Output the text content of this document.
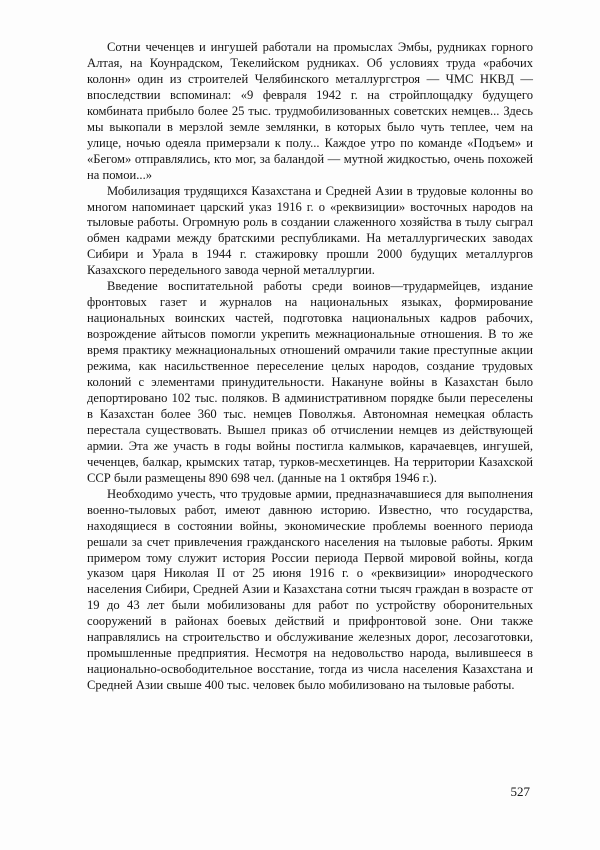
Сотни чеченцев и ингушей работали на промыслах Эмбы, рудниках горного Алтая, на Коунрадском, Текелийском рудниках. Об условиях труда «рабочих колонн» один из строителей Челябинского металлургстроя — ЧМС НКВД — впоследствии вспоминал: «9 февраля 1942 г. на стройплощадку будущего комбината прибыло более 25 тыс. трудмобилизованных советских немцев... Здесь мы выкопали в мерзлой земле землянки, в которых было чуть теплее, чем на улице, ночью одеяла примерзали к полу... Каждое утро по команде «Подъем» и «Бегом» отправлялись, кто мог, за баландой — мутной жидкостью, очень похожей на помои...»

Мобилизация трудящихся Казахстана и Средней Азии в трудовые колонны во многом напоминает царский указ 1916 г. о «реквизиции» восточных народов на тыловые работы. Огромную роль в создании слаженного хозяйства в тылу сыграл обмен кадрами между братскими республиками. На металлургических заводах Сибири и Урала в 1944 г. стажировку прошли 2000 будущих металлургов Казахского передельного завода черной металлургии.

Введение воспитательной работы среди воинов—трудармейцев, издание фронтовых газет и журналов на национальных языках, формирование национальных воинских частей, подготовка национальных кадров рабочих, возрождение айтысов помогли укрепить межнациональные отношения. В то же время практику межнациональных отношений омрачили такие преступные акции режима, как насильственное переселение целых народов, создание трудовых колоний с элементами принудительности. Накануне войны в Казахстан было депортировано 102 тыс. поляков. В административном порядке были переселены в Казахстан более 360 тыс. немцев Поволжья. Автономная немецкая область перестала существовать. Вышел приказ об отчислении немцев из действующей армии. Эта же участь в годы войны постигла калмыков, карачаевцев, ингушей, чеченцев, балкар, крымских татар, турков-месхетинцев. На территории Казахской ССР были размещены 890 698 чел. (данные на 1 октября 1946 г.).

Необходимо учесть, что трудовые армии, предназначавшиеся для выполнения военно-тыловых работ, имеют давнюю историю. Известно, что государства, находящиеся в состоянии войны, экономические проблемы военного периода решали за счет привлечения гражданского населения на тыловые работы. Ярким примером тому служит история России периода Первой мировой войны, когда указом царя Николая II от 25 июня 1916 г. о «реквизиции» инородческого населения Сибири, Средней Азии и Казахстана сотни тысяч граждан в возрасте от 19 до 43 лет были мобилизованы для работ по устройству оборонительных сооружений в районах боевых действий и прифронтовой зоне. Они также направлялись на строительство и обслуживание железных дорог, лесозаготовки, промышленные предприятия. Несмотря на недовольство народа, вылившееся в национально-освободительное восстание, тогда из числа населения Казахстана и Средней Азии свыше 400 тыс. человек было мобилизовано на тыловые работы.

527
